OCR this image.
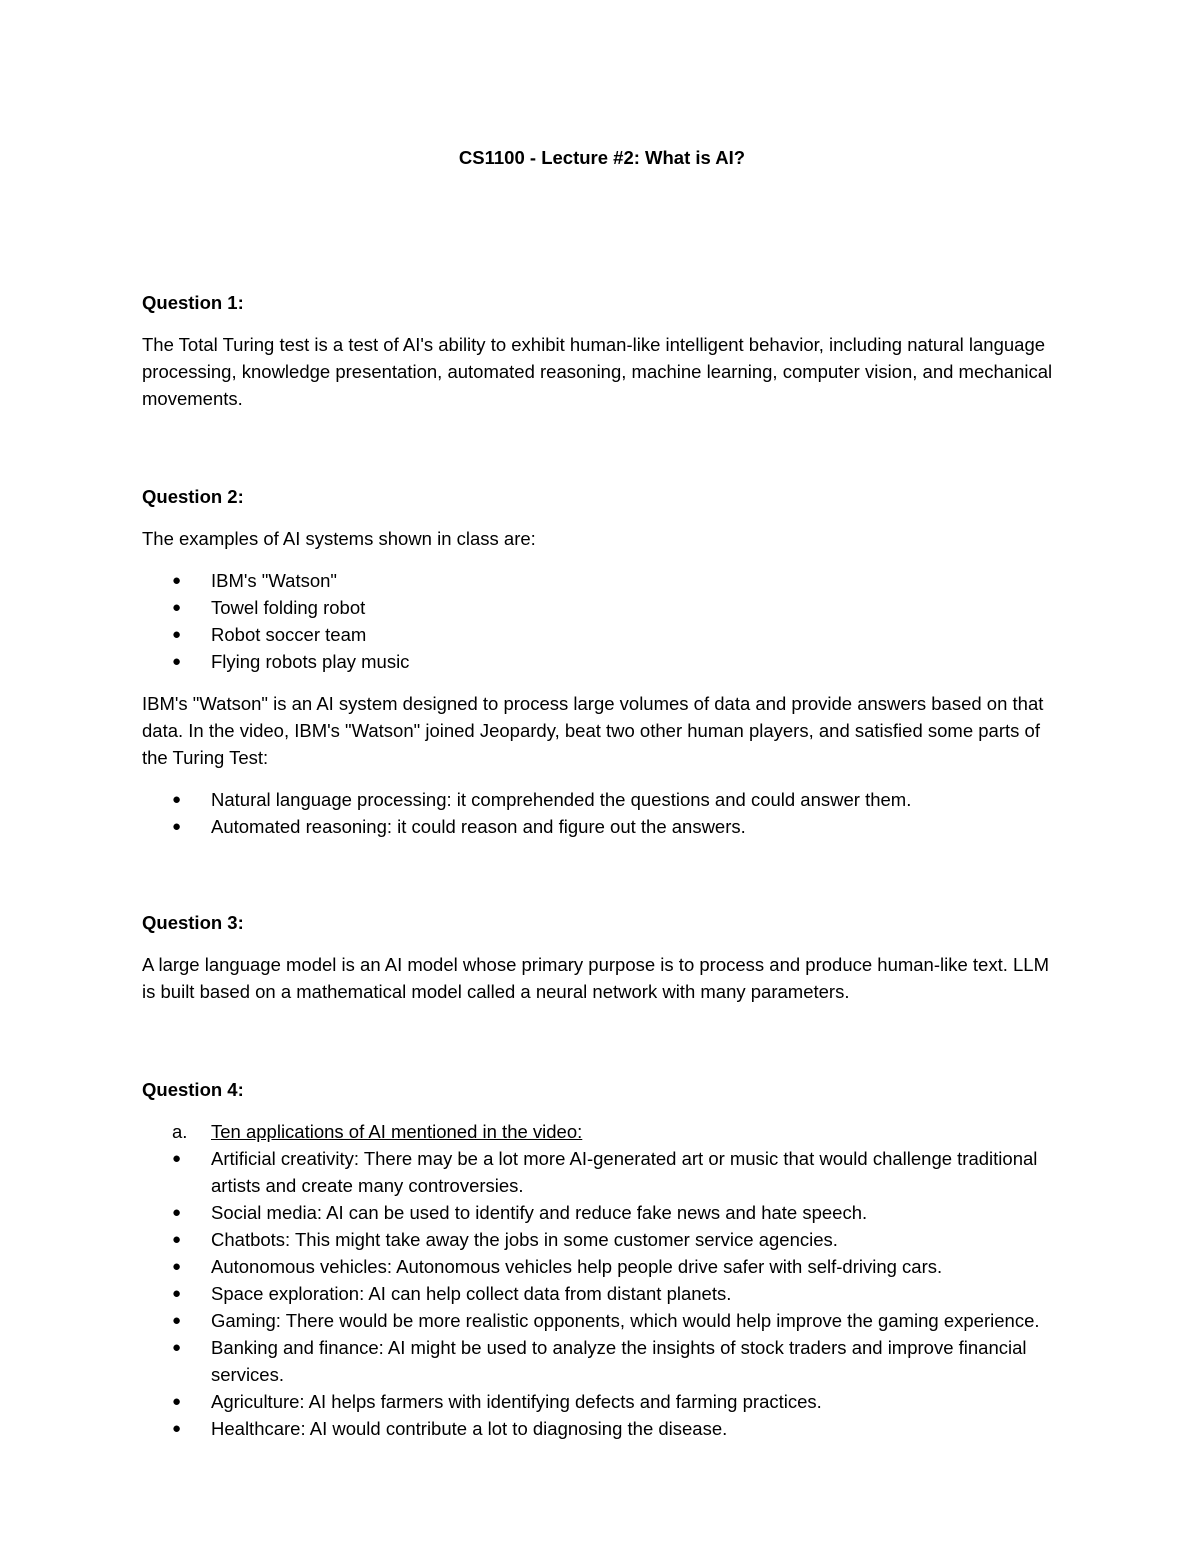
CS1100 - Lecture #2: What is AI?

Question 1:

The Total Turing test is a test of AI's ability to exhibit human-like intelligent behavior, including natural language processing, knowledge presentation, automated reasoning, machine learning, computer vision, and mechanical movements.

Question 2:

The examples of AI systems shown in class are:

●	IBM's "Watson"
●	Towel folding robot
●	Robot soccer team
●	Flying robots play music

IBM's "Watson" is an AI system designed to process large volumes of data and provide answers based on that data. In the video, IBM's "Watson" joined Jeopardy, beat two other human players, and satisfied some parts of the Turing Test:

●	Natural language processing: it comprehended the questions and could answer them.
●	Automated reasoning: it could reason and figure out the answers.

Question 3:

A large language model is an AI model whose primary purpose is to process and produce human-like text. LLM is built based on a mathematical model called a neural network with many parameters.

Question 4:

a. Ten applications of AI mentioned in the video:
●	Artificial creativity: There may be a lot more AI-generated art or music that would challenge traditional artists and create many controversies.
●	Social media: AI can be used to identify and reduce fake news and hate speech.
●	Chatbots: This might take away the jobs in some customer service agencies.
●	Autonomous vehicles: Autonomous vehicles help people drive safer with self-driving cars.
●	Space exploration: AI can help collect data from distant planets.
●	Gaming: There would be more realistic opponents, which would help improve the gaming experience.
●	Banking and finance: AI might be used to analyze the insights of stock traders and improve financial services.
●	Agriculture: AI helps farmers with identifying defects and farming practices.
●	Healthcare: AI would contribute a lot to diagnosing the disease.
